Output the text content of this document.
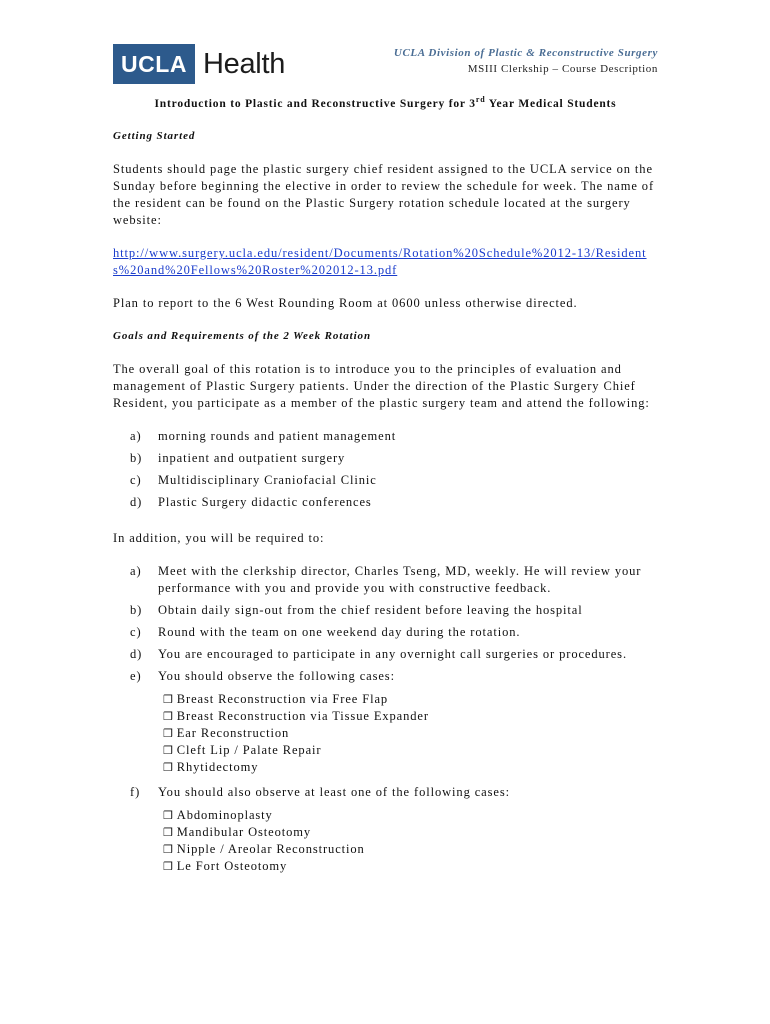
UCLA Health	UCLA Division of Plastic & Reconstructive Surgery
MSIII Clerkship – Course Description
Introduction to Plastic and Reconstructive Surgery for 3rd Year Medical Students
Getting Started

Students should page the plastic surgery chief resident assigned to the UCLA service on the Sunday before beginning the elective in order to review the schedule for week. The name of the resident can be found on the Plastic Surgery rotation schedule located at the surgery website:

http://www.surgery.ucla.edu/resident/Documents/Rotation%20Schedule%2012-13/Residents%20and%20Fellows%20Roster%202012-13.pdf

Plan to report to the 6 West Rounding Room at 0600 unless otherwise directed.

Goals and Requirements of the 2 Week Rotation

The overall goal of this rotation is to introduce you to the principles of evaluation and management of Plastic Surgery patients. Under the direction of the Plastic Surgery Chief Resident, you participate as a member of the plastic surgery team and attend the following:

a) morning rounds and patient management
b) inpatient and outpatient surgery
c) Multidisciplinary Craniofacial Clinic
d) Plastic Surgery didactic conferences

In addition, you will be required to:

a) Meet with the clerkship director, Charles Tseng, MD, weekly. He will review your performance with you and provide you with constructive feedback.
b) Obtain daily sign-out from the chief resident before leaving the hospital
c) Round with the team on one weekend day during the rotation.
d) You are encouraged to participate in any overnight call surgeries or procedures.
e) You should observe the following cases:
❒ Breast Reconstruction via Free Flap
❒ Breast Reconstruction via Tissue Expander
❒ Ear Reconstruction
❒ Cleft Lip / Palate Repair
❒ Rhytidectomy
f) You should also observe at least one of the following cases:
❒ Abdominoplasty
❒ Mandibular Osteotomy
❒ Nipple / Areolar Reconstruction
❒ Le Fort Osteotomy
